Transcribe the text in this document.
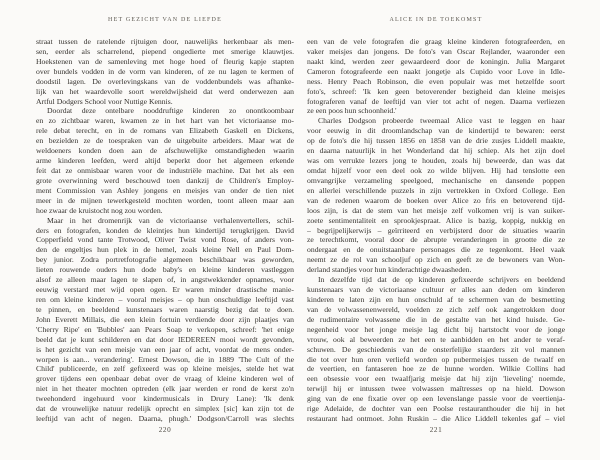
HET GEZICHT VAN DE LIEFDE
straat tussen de ratelende rijtuigen door, nauwelijks herkenbaar als men-
sen, eerder als scharrelend, piepend ongedierte met smerige klauwtjes.
Hoekstenen van de samenleving met hoge hoed of fleurig kapje stapten
over bundels vodden in de vorm van kinderen, of ze nu lagen te kermen of
doodstil lagen. De overlevingskans van de voddenbundels was afhanke-
lijk van het waardevolle soort wereldwijsheid dat werd onderwezen aan
Artful Dodgers School voor Nuttige Kennis.
Doordat deze ontelbare nooddruftige kinderen zo onontkoombaar
en zo zichtbaar waren, kwamen ze in het hart van het victoriaanse mo-
rele debat terecht, en in de romans van Elizabeth Gaskell en Dickens,
en bezielden ze de toespraken van de uitgebuite arbeiders. Maar wat de
weldoeners konden doen aan de afschuwelijke omstandigheden waarin
arme kinderen leefden, werd altijd beperkt door het algemeen erkende
feit dat ze onmisbaar waren voor de industriële machine. Dat het als een
grote overwinning werd beschouwd toen dankzij de Children's Employ-
ment Commission van Ashley jongens en meisjes van onder de tien niet
meer in de mijnen tewerkgesteld mochten worden, toont alleen maar aan
hoe zwaar de kruistocht nog zou worden.
Maar in het dromenrijk van de victoriaanse verhalenvertellers, schil-
ders en fotografen, konden de kleintjes hun kindertijd terugkrijgen. David
Copperfield vond tante Trotwood, Oliver Twist vond Rose, of anders von-
den de engeltjes hun plek in de hemel, zoals kleine Nell en Paul Dom-
bey junior. Zodra portretfotografie algemeen beschikbaar was geworden,
lieten rouwende ouders hun dode baby's en kleine kinderen vastleggen
alsof ze alleen maar lagen te slapen of, in angstwekkender opnames, voor
eeuwig verstard met wijd open ogen. Er waren minder drastische manie-
ren om kleine kinderen – vooral meisjes – op hun onschuldige leeftijd vast
te pinnen, en beeldend kunstenaars waren naarstig bezig dat te doen.
John Everett Millais, die een klein fortuin verdiende door zijn plaatjes van
'Cherry Ripe' en 'Bubbles' aan Pears Soap te verkopen, schreef: 'het enige
beeld dat je kunt schilderen en dat door IEDEREEN mooi wordt gevonden,
is het gezicht van een meisje van een jaar of acht, voordat de mens onder-
worpen is aan... verandering'. Ernest Dowson, die in 1889 'The Cult of the
Child' publiceerde, en zelf gefixeerd was op kleine meisjes, stelde het wat
grover tijdens een openbaar debat over de vraag of kleine kinderen wel of
niet in het theater mochten optreden (elk jaar werden er rond de kerst zo'n
tweehonderd ingehuurd voor kindermusicals in Drury Lane): 'Ik denk
dat de vrouwelijke natuur redelijk oprecht en simplex [sic] kan zijn tot de
leeftijd van acht of negen. Daarna, phugh.' Dodgson/Carroll was slechts
220
ALICE IN DE TOEKOMST
een van de vele fotografen die graag kleine kinderen fotografeerden, en
vaker meisjes dan jongens. De foto's van Oscar Rejlander, waaronder een
naakt kind, werden zeer gewaardeerd door de koningin. Julia Margaret
Cameron fotografeerde een naakt jongetje als Cupido voor Love in Idle-
ness. Henry Peach Robinson, die even populair was met hetzelfde soort
foto's, schreef: 'Ik ken geen betoverender bezigheid dan kleine meisjes
fotograferen vanaf de leeftijd van vier tot acht of negen. Daarna verliezen
ze een poos hun schoonheid.'
Charles Dodgson probeerde tweemaal Alice vast te leggen en haar
voor eeuwig in dit droomlandschap van de kindertijd te bewaren: eerst
op de foto's die hij tussen 1856 en 1858 van de drie zusjes Liddell maakte,
en daarna natuurlijk in het Wonderland dat hij schiep. Als het zijn doel
was om verrukte lezers jong te houden, zoals hij beweerde, dan was dat
omdat hijzelf voor een deel ook zo wilde blijven. Hij had tenslotte een
omvangrijke verzameling speelgoed, mechanische en dansende poppen
en allerlei verschillende puzzels in zijn vertrekken in Oxford College. Een
van de redenen waarom de boeken over Alice zo fris en betoverend tijd-
loos zijn, is dat de stem van het meisje zelf volkomen vrij is van suiker-
zoete sentimentaliteit en sprookjespraat. Alice is bazig, koppig, nukkig en
– begrijpelijkerwijs – geïrriteerd en verbijsterd door de situaties waarin
ze terechtkomt, vooral door de abrupte veranderingen in grootte die ze
ondergaat en de onuitstaanbare personages die ze tegenkomt. Heel vaak
neemt ze de rol van schooljuf op zich en geeft ze de bewoners van Won-
derland standjes voor hun kinderachtige dwaasheden.
In dezelfde tijd dat de op kinderen gefixeerde schrijvers en beeldend
kunstenaars van de victoriaanse cultuur er alles aan deden om kinderen
kinderen te laten zijn en hun onschuld af te schermen van de besmetting
van de volwassenenwereld, voelden ze zich zelf ook aangetrokken door
de rudimentaire volwassene die in de gestalte van het kind huisde. Ge-
negenheid voor het jonge meisje lag dicht bij hartstocht voor de jonge
vrouw, ook al beweerden ze het een te aanbidden en het ander te veraf-
schuwen. De geschiedenis van de onsterfelijke staarders zit vol mannen
die tot over hun oren verliefd worden op pubermeisjes tussen de twaalf en
de veertien, en fantaseren hoe ze de hunne worden. Wilkie Collins had
een obsessie voor een twaalfjarig meisje dat hij zijn 'lieveling' noemde,
terwijl hij er intussen twee volwassen maîtresses op na hield. Dowson
ging van de ene fixatie over op een levenslange passie voor de veertienja-
rige Adelaide, de dochter van een Poolse restauranthouder die hij in het
restaurant had ontmoet. John Ruskin – die Alice Liddell tekenles gaf – viel
221
